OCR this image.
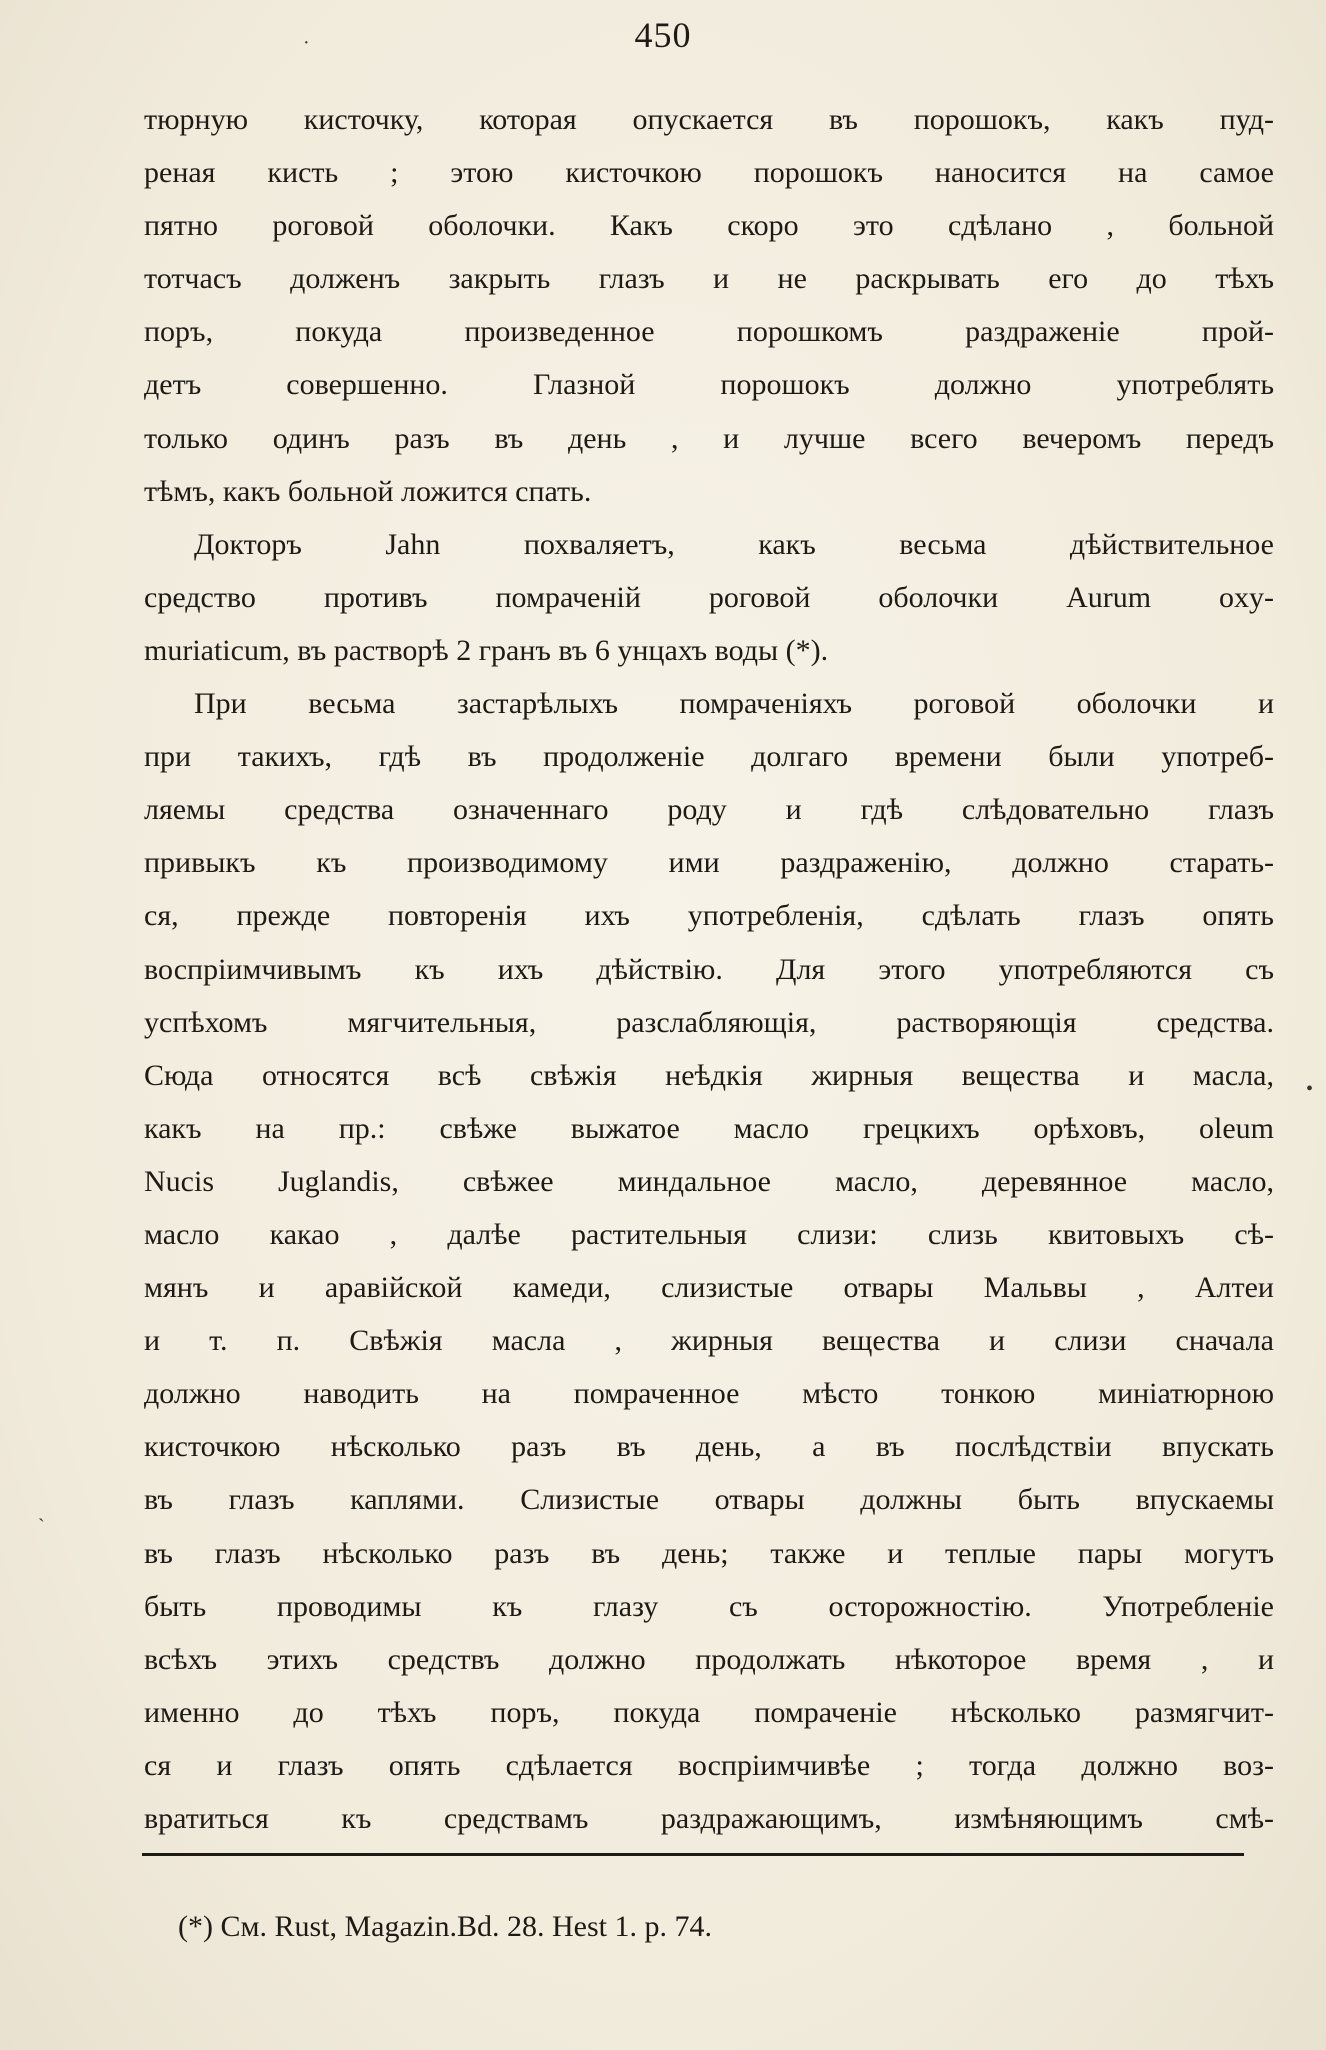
450
тюрную кисточку, которая опускается въ порошокъ, какъ пуд-
реная кисть ; этою кисточкою порошокъ наносится на самое
пятно роговой оболочки. Какъ скоро это сдѣлано , больной
тотчасъ долженъ закрыть глазъ и не раскрывать его до тѣхъ
поръ, покуда произведенное порошкомъ раздраженіе прой-
детъ совершенно. Глазной порошокъ должно употреблять
только одинъ разъ въ день , и лучше всего вечеромъ передъ
тѣмъ, какъ больной ложится спать.
Докторъ Jahn похваляетъ, какъ весьма дѣйствительное
средство противъ помраченій роговой оболочки Aurum oxy-
muriaticum, въ растворѣ 2 гранъ въ 6 унцахъ воды (*).
При весьма застарѣлыхъ помраченіяхъ роговой оболочки и
при такихъ, гдѣ въ продолженіе долгаго времени были употреб-
ляемы средства означеннаго роду и гдѣ слѣдовательно глазъ
привыкъ къ производимому ими раздраженію, должно старать-
ся, прежде повторенія ихъ употребленія, сдѣлать глазъ опять
воспріимчивымъ къ ихъ дѣйствію. Для этого употребляются съ
успѣхомъ мягчительныя, разслабляющія, растворяющія средства.
Сюда относятся всѣ свѣжія неѣдкія жирныя вещества и масла,
какъ на пр.: свѣже выжатое масло грецкихъ орѣховъ, oleum
Nucis Juglandis, свѣжее миндальное масло, деревянное масло,
масло какао , далѣе растительныя слизи: слизь квитовыхъ сѣ-
мянъ и аравійской камеди, слизистые отвары Мальвы , Алтеи
и т. п. Свѣжія масла , жирныя вещества и слизи сначала
должно наводить на помраченное мѣсто тонкою миніатюрною
кисточкою нѣсколько разъ въ день, а въ послѣдствіи впускать
въ глазъ каплями. Слизистые отвары должны быть впускаемы
въ глазъ нѣсколько разъ въ день; также и теплые пары могутъ
быть проводимы къ глазу съ осторожностію. Употребленіе
всѣхъ этихъ средствъ должно продолжать нѣкоторое время , и
именно до тѣхъ поръ, покуда помраченіе нѣсколько размягчит-
ся и глазъ опять сдѣлается воспріимчивѣе ; тогда должно воз-
вратиться къ средствамъ раздражающимъ, измѣняющимъ смѣ-
(*) См. Rust, Magazin.Bd. 28. Hest 1. p. 74.
·
•
ˏ
